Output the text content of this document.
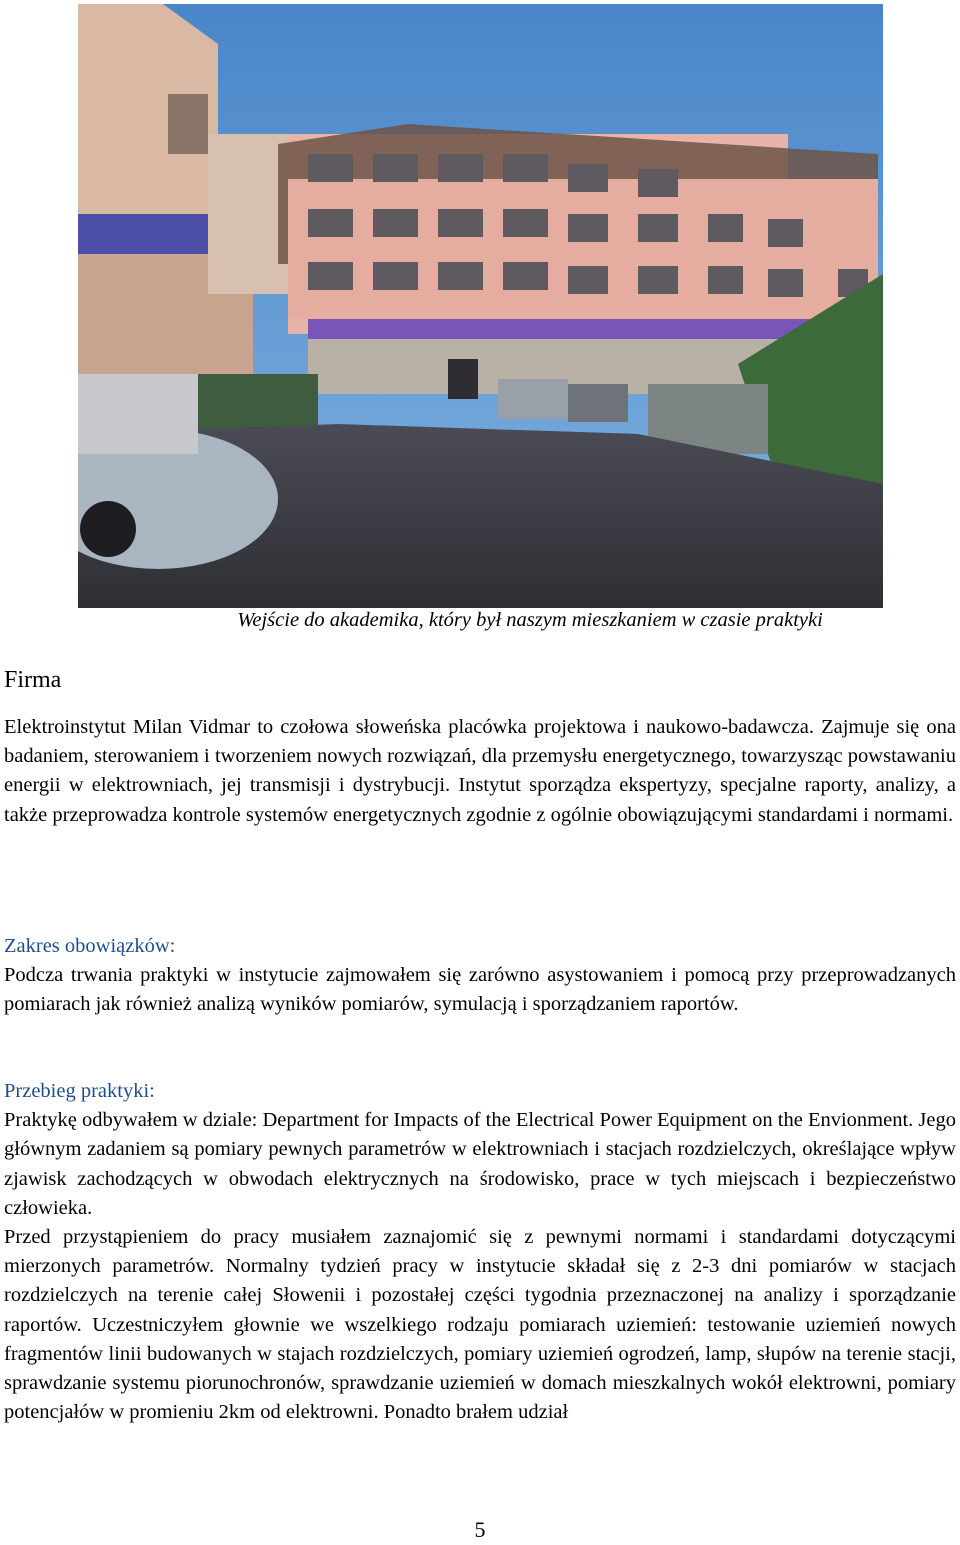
Wejście do akademika, który był naszym mieszkaniem w czasie praktyki
Firma

Elektroinstytut Milan Vidmar to czołowa słoweńska placówka projektowa i naukowo-badawcza. Zajmuje się ona badaniem, sterowaniem i tworzeniem nowych rozwiązań, dla przemysłu energetycznego, towarzysząc powstawaniu energii w elektrowniach, jej transmisji i dystrybucji. Instytut sporządza ekspertyzy, specjalne raporty, analizy, a także przeprowadza kontrole systemów energetycznych zgodnie z ogólnie obowiązującymi standardami i normami.

Zakres obowiązków:
Podcza trwania praktyki w instytucie zajmowałem się zarówno asystowaniem i pomocą przy przeprowadzanych pomiarach jak również analizą wyników pomiarów, symulacją i sporządzaniem raportów.
Przebieg praktyki:
Praktykę odbywałem w dziale: Department for Impacts of the Electrical Power Equipment on the Envionment. Jego głównym zadaniem są pomiary pewnych parametrów w elektrowniach i stacjach rozdzielczych, określające wpływ zjawisk zachodzących w obwodach elektrycznych na środowisko, prace w tych miejscach i bezpieczeństwo człowieka.
Przed przystąpieniem do pracy musiałem zaznajomić się z pewnymi normami i standardami dotyczącymi mierzonych parametrów. Normalny tydzień pracy w instytucie składał się z 2-3 dni pomiarów w stacjach rozdzielczych na terenie całej Słowenii i pozostałej części tygodnia przeznaczonej na analizy i sporządzanie raportów. Uczestniczyłem głownie we wszelkiego rodzaju pomiarach uziemień: testowanie uziemień nowych fragmentów linii budowanych w stajach rozdzielczych, pomiary uziemień ogrodzeń, lamp, słupów na terenie stacji, sprawdzanie systemu piorunochronów, sprawdzanie uziemień w domach mieszkalnych wokół elektrowni, pomiary potencjałów w promieniu 2km od elektrowni. Ponadto brałem udział
5
